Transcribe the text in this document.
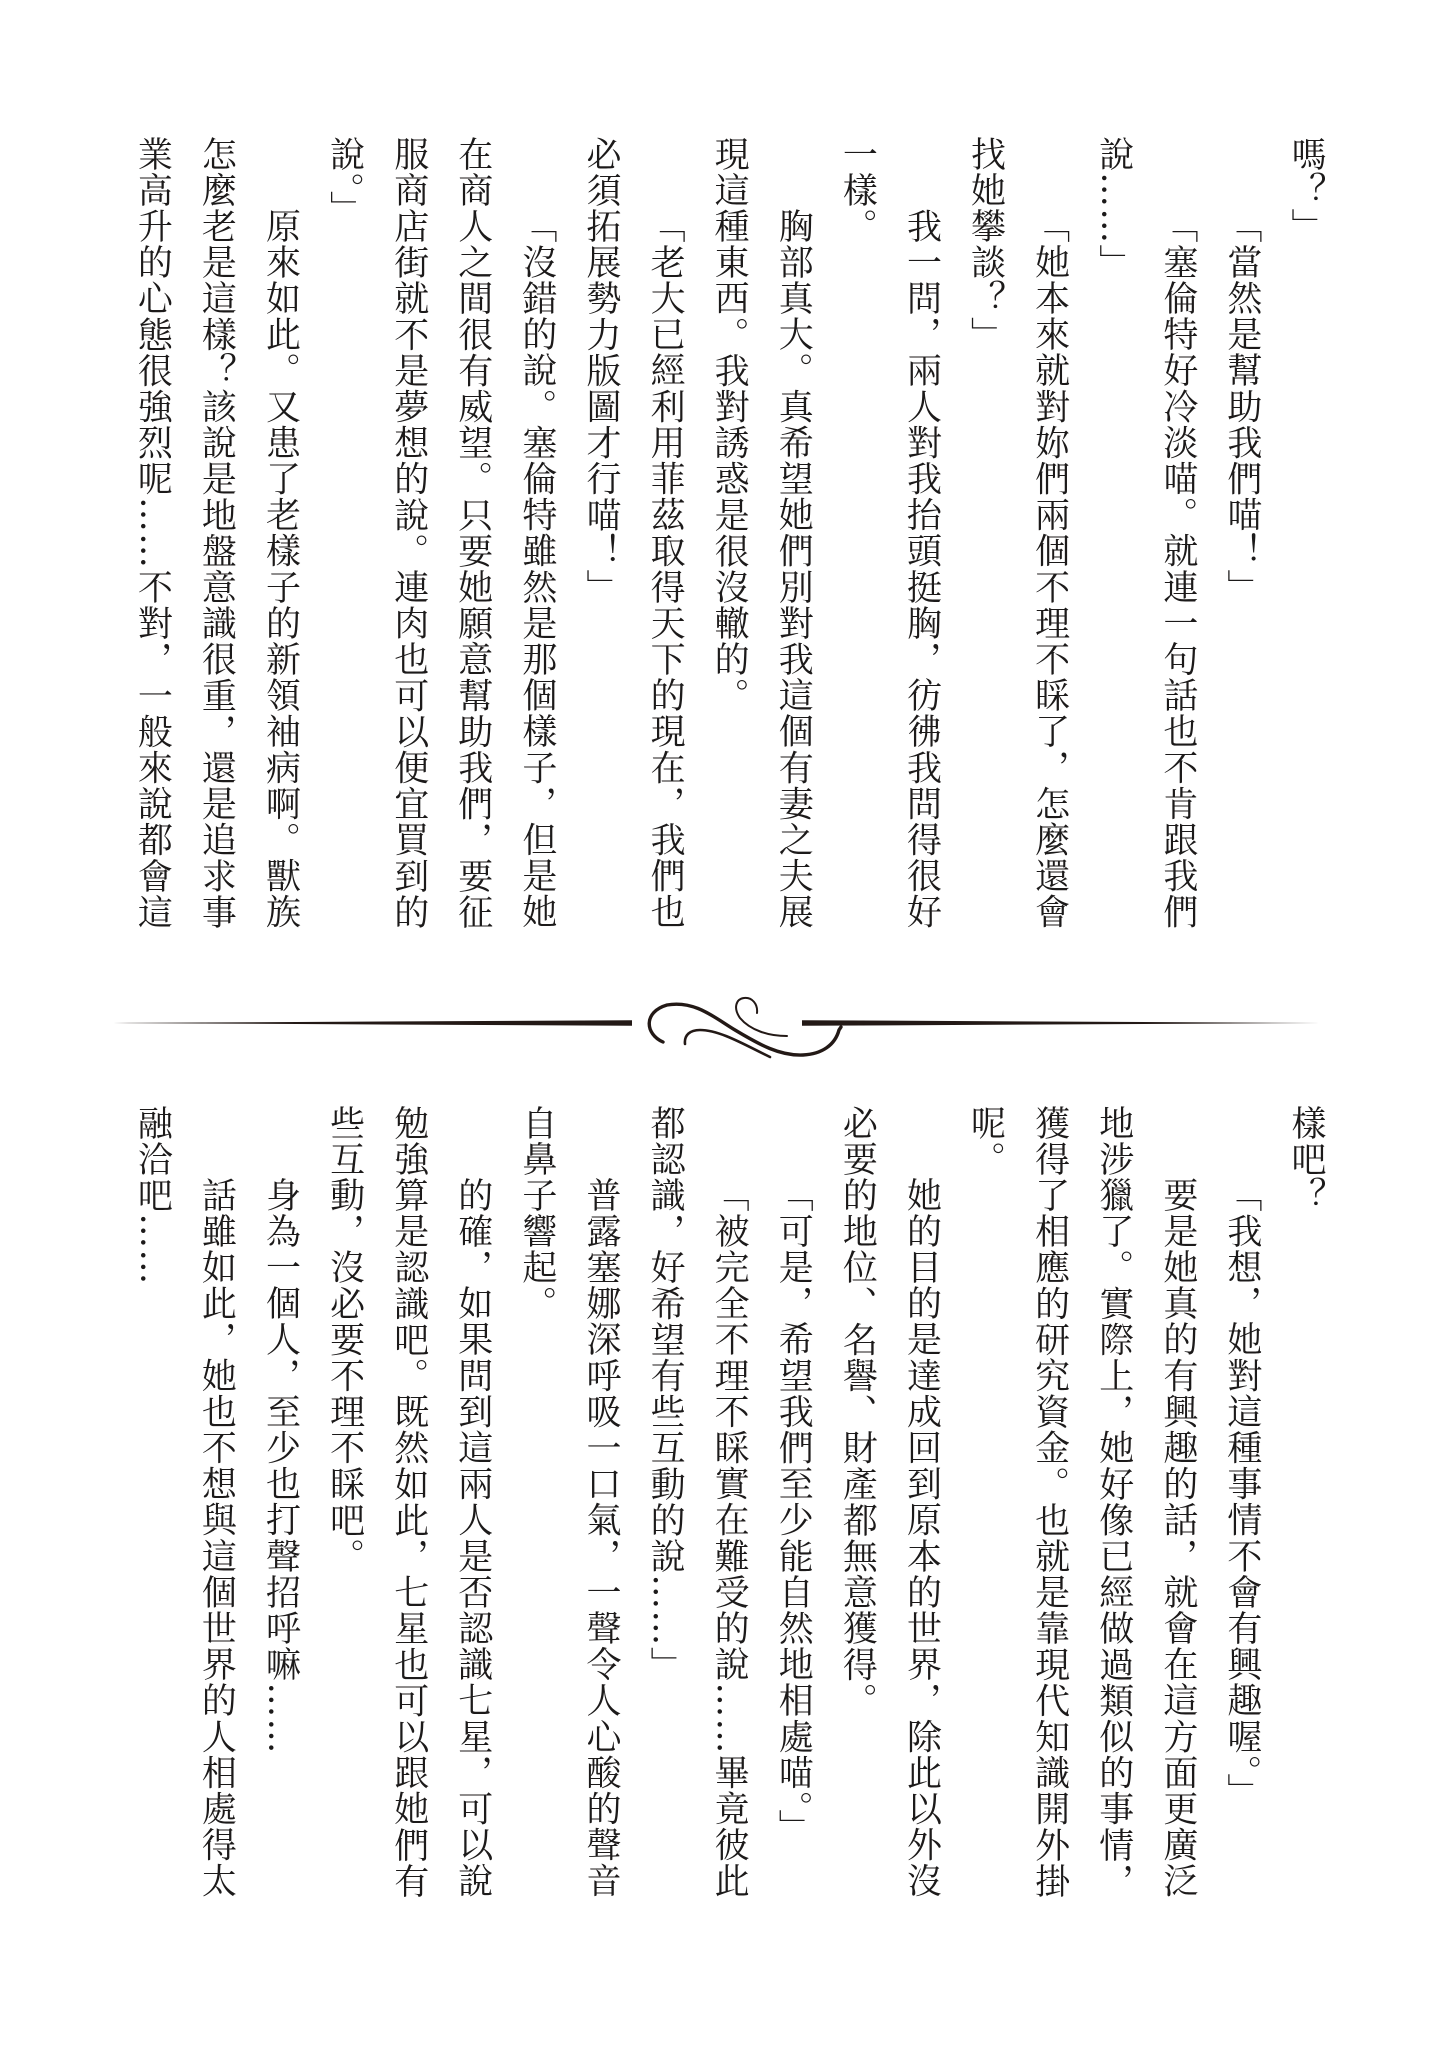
嗎？」

「當然是幫助我們喵！」

「塞倫特好冷淡喵。就連一句話也不肯跟我們

說……」

「她本來就對妳們兩個不理不睬了，怎麼還會

找她攀談？」

我一問，兩人對我抬頭挺胸，彷彿我問得很好

一樣。

胸部真大。真希望她們別對我這個有妻之夫展

現這種東西。我對誘惑是很沒轍的。

「老大已經利用菲茲取得天下的現在，我們也

必須拓展勢力版圖才行喵！」

「沒錯的說。塞倫特雖然是那個樣子，但是她

在商人之間很有威望。只要她願意幫助我們，要征

服商店街就不是夢想的說。連肉也可以便宜買到的

說。」

原來如此。又患了老樣子的新領袖病啊。獸族

怎麼老是這樣？該說是地盤意識很重，還是追求事

業高升的心態很強烈呢……不對，一般來說都會這

樣吧？

「我想，她對這種事情不會有興趣喔。」

要是她真的有興趣的話，就會在這方面更廣泛

地涉獵了。實際上，她好像已經做過類似的事情，

獲得了相應的研究資金。也就是靠現代知識開外掛

呢。

她的目的是達成回到原本的世界，除此以外沒

必要的地位、名譽、財產都無意獲得。

「可是，希望我們至少能自然地相處喵。」

「被完全不理不睬實在難受的說……畢竟彼此

都認識，好希望有些互動的說……」

普露塞娜深呼吸一口氣，一聲令人心酸的聲音

自鼻子響起。

的確，如果問到這兩人是否認識七星，可以說

勉強算是認識吧。既然如此，七星也可以跟她們有

些互動，沒必要不理不睬吧。

身為一個人，至少也打聲招呼嘛……

話雖如此，她也不想與這個世界的人相處得太

融洽吧……
